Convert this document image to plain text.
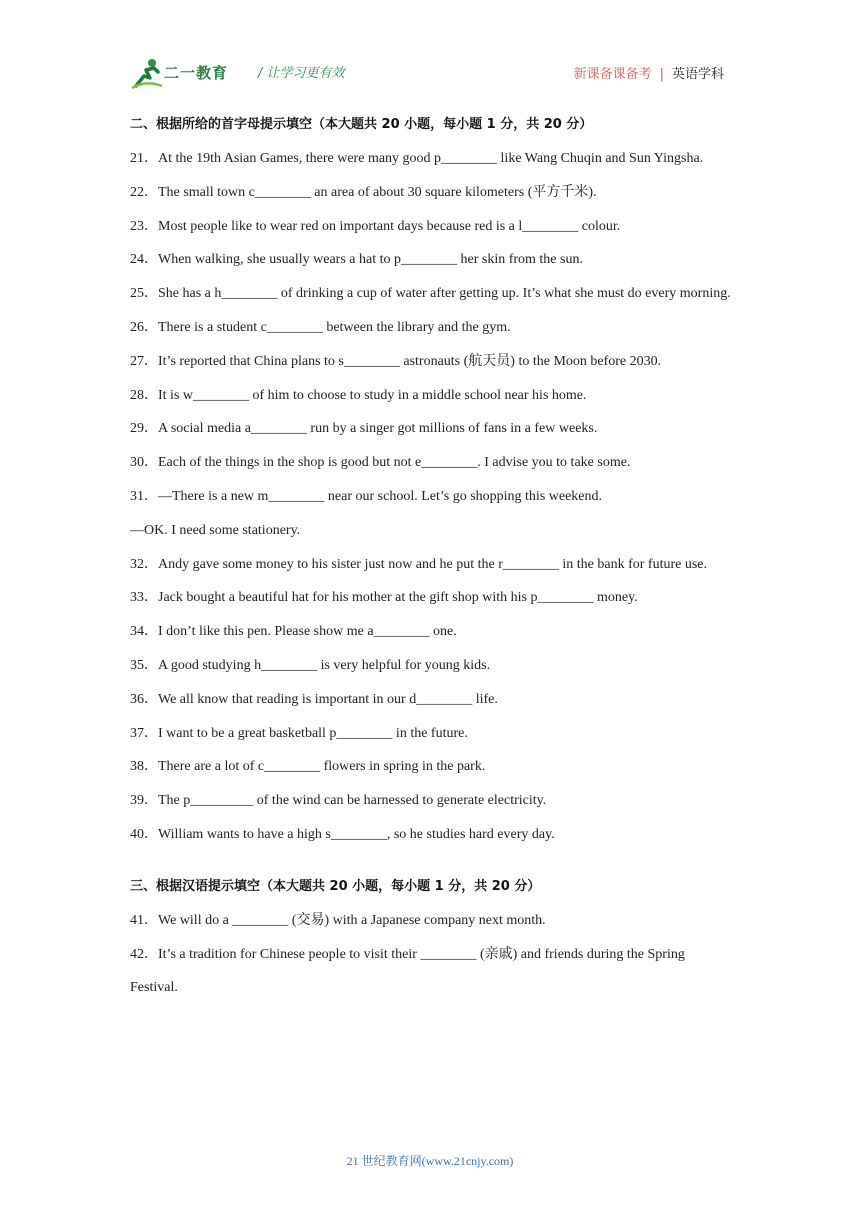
二一教育 / 让学习更有效	新课备课备考 | 英语学科
二、根据所给的首字母提示填空（本大题共 20 小题，每小题 1 分，共 20 分）

21．At the 19th Asian Games, there were many good p________ like Wang Chuqin and Sun Yingsha.

22．The small town c________ an area of about 30 square kilometers (平方千米).

23．Most people like to wear red on important days because red is a l________ colour.

24．When walking, she usually wears a hat to p________ her skin from the sun.

25．She has a h________ of drinking a cup of water after getting up. It’s what she must do every morning.

26．There is a student c________ between the library and the gym.

27．It’s reported that China plans to s________ astronauts (航天员) to the Moon before 2030.

28．It is w________ of him to choose to study in a middle school near his home.

29．A social media a________ run by a singer got millions of fans in a few weeks.

30．Each of the things in the shop is good but not e________. I advise you to take some.

31．—There is a new m________ near our school. Let’s go shopping this weekend.

—OK. I need some stationery.

32．Andy gave some money to his sister just now and he put the r________ in the bank for future use.

33．Jack bought a beautiful hat for his mother at the gift shop with his p________ money.

34．I don’t like this pen. Please show me a________ one.

35．A good studying h________ is very helpful for young kids.

36．We all know that reading is important in our d________ life.

37．I want to be a great basketball p________ in the future.

38．There are a lot of c________ flowers in spring in the park.

39．The p_________ of the wind can be harnessed to generate electricity.

40．William wants to have a high s________, so he studies hard every day.

三、根据汉语提示填空（本大题共 20 小题，每小题 1 分，共 20 分）

41．We will do a ________ (交易) with a Japanese company next month.

42．It’s a tradition for Chinese people to visit their ________ (亲戚) and friends during the Spring Festival.

21 世纪教育网(www.21cnjy.com)
